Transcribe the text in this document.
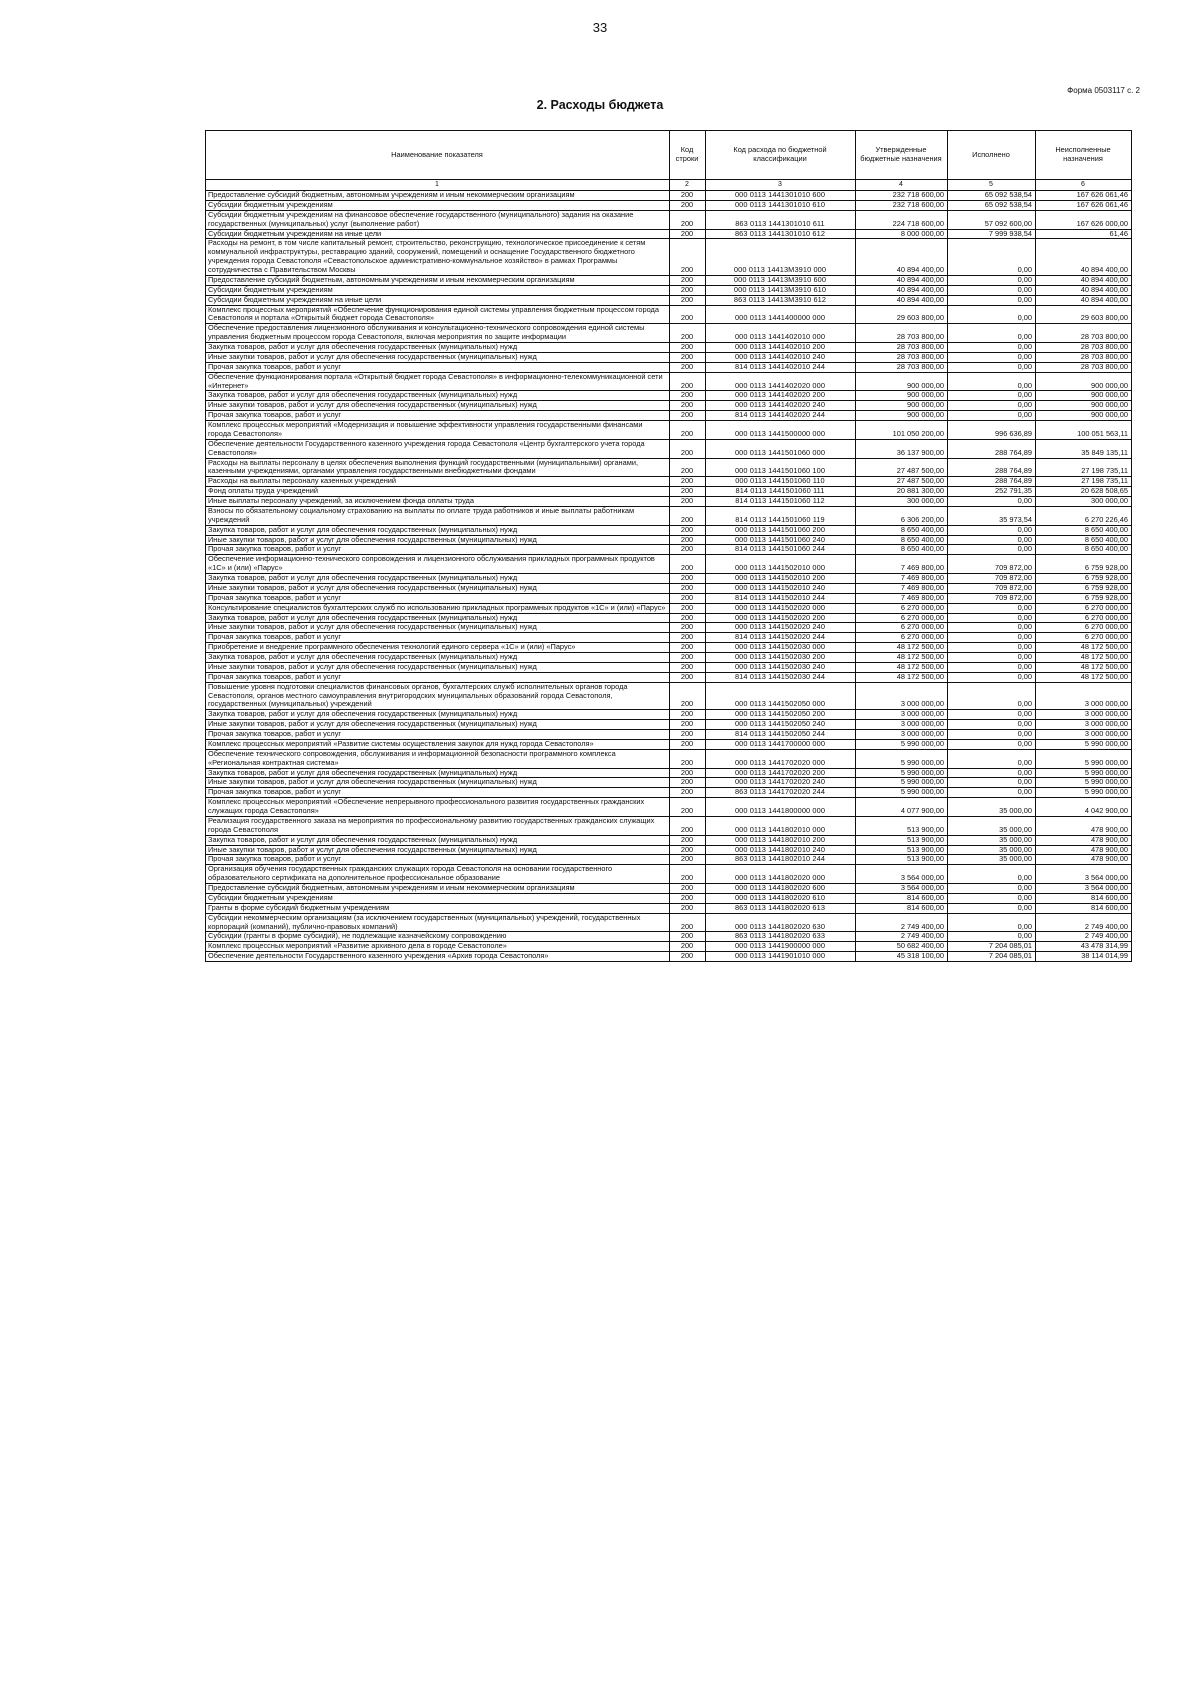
33
Форма 0503117 с. 2
2. Расходы бюджета
Наименование показателя	Код строки	Код расхода по бюджетной классификации	Утвержденные бюджетные назначения	Исполнено	Неисполненные назначения
1	2	3	4	5	6
Предоставление субсидий бюджетным, автономным учреждениям и иным некоммерческим организациям	200	000 0113 1441301010 600	232 718 600,00	65 092 538,54	167 626 061,46
Субсидии бюджетным учреждениям	200	000 0113 1441301010 610	232 718 600,00	65 092 538,54	167 626 061,46
Субсидии бюджетным учреждениям на финансовое обеспечение государственного (муниципального) задания на оказание государственных (муниципальных) услуг (выполнение работ)	200	863 0113 1441301010 611	224 718 600,00	57 092 600,00	167 626 000,00
Субсидии бюджетным учреждениям на иные цели	200	863 0113 1441301010 612	8 000 000,00	7 999 938,54	61,46
Расходы на ремонт, в том числе капитальный ремонт, строительство, реконструкцию, технологическое присоединение к сетям коммунальной инфраструктуры, реставрацию зданий, сооружений, помещений и оснащение Государственного бюджетного учреждения города Севастополя «Севастопольское административно-коммунальное хозяйство» в рамках Программы сотрудничества с Правительством Москвы	200	000 0113 14413М3910 000	40 894 400,00	0,00	40 894 400,00
Предоставление субсидий бюджетным, автономным учреждениям и иным некоммерческим организациям	200	000 0113 14413М3910 600	40 894 400,00	0,00	40 894 400,00
Субсидии бюджетным учреждениям	200	000 0113 14413М3910 610	40 894 400,00	0,00	40 894 400,00
Субсидии бюджетным учреждениям на иные цели	200	863 0113 14413М3910 612	40 894 400,00	0,00	40 894 400,00
Комплекс процессных мероприятий «Обеспечение функционирования единой системы управления бюджетным процессом города Севастополя и портала «Открытый бюджет города Севастополя»	200	000 0113 1441400000 000	29 603 800,00	0,00	29 603 800,00
Обеспечение предоставления лицензионного обслуживания и консультационно-технического сопровождения единой системы управления бюджетным процессом города Севастополя, включая мероприятия по защите информации	200	000 0113 1441402010 000	28 703 800,00	0,00	28 703 800,00
Закупка товаров, работ и услуг для обеспечения государственных (муниципальных) нужд	200	000 0113 1441402010 200	28 703 800,00	0,00	28 703 800,00
Иные закупки товаров, работ и услуг для обеспечения государственных (муниципальных) нужд	200	000 0113 1441402010 240	28 703 800,00	0,00	28 703 800,00
Прочая закупка товаров, работ и услуг	200	814 0113 1441402010 244	28 703 800,00	0,00	28 703 800,00
Обеспечение функционирования портала «Открытый бюджет города Севастополя» в информационно-телекоммуникационной сети «Интернет»	200	000 0113 1441402020 000	900 000,00	0,00	900 000,00
Закупка товаров, работ и услуг для обеспечения государственных (муниципальных) нужд	200	000 0113 1441402020 200	900 000,00	0,00	900 000,00
Иные закупки товаров, работ и услуг для обеспечения государственных (муниципальных) нужд	200	000 0113 1441402020 240	900 000,00	0,00	900 000,00
Прочая закупка товаров, работ и услуг	200	814 0113 1441402020 244	900 000,00	0,00	900 000,00
Комплекс процессных мероприятий «Модернизация и повышение эффективности управления государственными финансами города Севастополя»	200	000 0113 1441500000 000	101 050 200,00	996 636,89	100 051 563,11
Обеспечение деятельности Государственного казенного учреждения города Севастополя «Центр бухгалтерского учета города Севастополя»	200	000 0113 1441501060 000	36 137 900,00	288 764,89	35 849 135,11
Расходы на выплаты персоналу в целях обеспечения выполнения функций государственными (муниципальными) органами, казенными учреждениями, органами управления государственными внебюджетными фондами	200	000 0113 1441501060 100	27 487 500,00	288 764,89	27 198 735,11
Расходы на выплаты персоналу казенных учреждений	200	000 0113 1441501060 110	27 487 500,00	288 764,89	27 198 735,11
Фонд оплаты труда учреждений	200	814 0113 1441501060 111	20 881 300,00	252 791,35	20 628 508,65
Иные выплаты персоналу учреждений, за исключением фонда оплаты труда	200	814 0113 1441501060 112	300 000,00	0,00	300 000,00
Взносы по обязательному социальному страхованию на выплаты по оплате труда работников и иные выплаты работникам учреждений	200	814 0113 1441501060 119	6 306 200,00	35 973,54	6 270 226,46
Закупка товаров, работ и услуг для обеспечения государственных (муниципальных) нужд	200	000 0113 1441501060 200	8 650 400,00	0,00	8 650 400,00
Иные закупки товаров, работ и услуг для обеспечения государственных (муниципальных) нужд	200	000 0113 1441501060 240	8 650 400,00	0,00	8 650 400,00
Прочая закупка товаров, работ и услуг	200	814 0113 1441501060 244	8 650 400,00	0,00	8 650 400,00
Обеспечение информационно-технического сопровождения и лицензионного обслуживания прикладных программных продуктов «1С» и (или) «Парус»	200	000 0113 1441502010 000	7 469 800,00	709 872,00	6 759 928,00
Закупка товаров, работ и услуг для обеспечения государственных (муниципальных) нужд	200	000 0113 1441502010 200	7 469 800,00	709 872,00	6 759 928,00
Иные закупки товаров, работ и услуг для обеспечения государственных (муниципальных) нужд	200	000 0113 1441502010 240	7 469 800,00	709 872,00	6 759 928,00
Прочая закупка товаров, работ и услуг	200	814 0113 1441502010 244	7 469 800,00	709 872,00	6 759 928,00
Консультирование специалистов бухгалтерских служб по использованию прикладных программных продуктов «1С» и (или) «Парус»	200	000 0113 1441502020 000	6 270 000,00	0,00	6 270 000,00
Закупка товаров, работ и услуг для обеспечения государственных (муниципальных) нужд	200	000 0113 1441502020 200	6 270 000,00	0,00	6 270 000,00
Иные закупки товаров, работ и услуг для обеспечения государственных (муниципальных) нужд	200	000 0113 1441502020 240	6 270 000,00	0,00	6 270 000,00
Прочая закупка товаров, работ и услуг	200	814 0113 1441502020 244	6 270 000,00	0,00	6 270 000,00
Приобретение и внедрение программного обеспечения технологий единого сервера «1С» и (или) «Парус»	200	000 0113 1441502030 000	48 172 500,00	0,00	48 172 500,00
Закупка товаров, работ и услуг для обеспечения государственных (муниципальных) нужд	200	000 0113 1441502030 200	48 172 500,00	0,00	48 172 500,00
Иные закупки товаров, работ и услуг для обеспечения государственных (муниципальных) нужд	200	000 0113 1441502030 240	48 172 500,00	0,00	48 172 500,00
Прочая закупка товаров, работ и услуг	200	814 0113 1441502030 244	48 172 500,00	0,00	48 172 500,00
Повышение уровня подготовки специалистов финансовых органов, бухгалтерских служб исполнительных органов города Севастополя, органов местного самоуправления внутригородских муниципальных образований города Севастополя, государственных (муниципальных) учреждений	200	000 0113 1441502050 000	3 000 000,00	0,00	3 000 000,00
Закупка товаров, работ и услуг для обеспечения государственных (муниципальных) нужд	200	000 0113 1441502050 200	3 000 000,00	0,00	3 000 000,00
Иные закупки товаров, работ и услуг для обеспечения государственных (муниципальных) нужд	200	000 0113 1441502050 240	3 000 000,00	0,00	3 000 000,00
Прочая закупка товаров, работ и услуг	200	814 0113 1441502050 244	3 000 000,00	0,00	3 000 000,00
Комплекс процессных мероприятий «Развитие системы осуществления закупок для нужд города Севастополя»	200	000 0113 1441700000 000	5 990 000,00	0,00	5 990 000,00
Обеспечение технического сопровождения, обслуживания и информационной безопасности программного комплекса «Региональная контрактная система»	200	000 0113 1441702020 000	5 990 000,00	0,00	5 990 000,00
Закупка товаров, работ и услуг для обеспечения государственных (муниципальных) нужд	200	000 0113 1441702020 200	5 990 000,00	0,00	5 990 000,00
Иные закупки товаров, работ и услуг для обеспечения государственных (муниципальных) нужд	200	000 0113 1441702020 240	5 990 000,00	0,00	5 990 000,00
Прочая закупка товаров, работ и услуг	200	863 0113 1441702020 244	5 990 000,00	0,00	5 990 000,00
Комплекс процессных мероприятий «Обеспечение непрерывного профессионального развития государственных гражданских служащих города Севастополя»	200	000 0113 1441800000 000	4 077 900,00	35 000,00	4 042 900,00
Реализация государственного заказа на мероприятия по профессиональному развитию государственных гражданских служащих города Севастополя	200	000 0113 1441802010 000	513 900,00	35 000,00	478 900,00
Закупка товаров, работ и услуг для обеспечения государственных (муниципальных) нужд	200	000 0113 1441802010 200	513 900,00	35 000,00	478 900,00
Иные закупки товаров, работ и услуг для обеспечения государственных (муниципальных) нужд	200	000 0113 1441802010 240	513 900,00	35 000,00	478 900,00
Прочая закупка товаров, работ и услуг	200	863 0113 1441802010 244	513 900,00	35 000,00	478 900,00
Организация обучения государственных гражданских служащих города Севастополя на основании государственного образовательного сертификата на дополнительное профессиональное образование	200	000 0113 1441802020 000	3 564 000,00	0,00	3 564 000,00
Предоставление субсидий бюджетным, автономным учреждениям и иным некоммерческим организациям	200	000 0113 1441802020 600	3 564 000,00	0,00	3 564 000,00
Субсидии бюджетным учреждениям	200	000 0113 1441802020 610	814 600,00	0,00	814 600,00
Гранты в форме субсидий бюджетным учреждениям	200	863 0113 1441802020 613	814 600,00	0,00	814 600,00
Субсидии некоммерческим организациям (за исключением государственных (муниципальных) учреждений, государственных корпораций (компаний), публично-правовых компаний)	200	000 0113 1441802020 630	2 749 400,00	0,00	2 749 400,00
Субсидии (гранты в форме субсидий), не подлежащие казначейскому сопровождению	200	863 0113 1441802020 633	2 749 400,00	0,00	2 749 400,00
Комплекс процессных мероприятий «Развитие архивного дела в городе Севастополе»	200	000 0113 1441900000 000	50 682 400,00	7 204 085,01	43 478 314,99
Обеспечение деятельности Государственного казенного учреждения «Архив города Севастополя»	200	000 0113 1441901010 000	45 318 100,00	7 204 085,01	38 114 014,99
